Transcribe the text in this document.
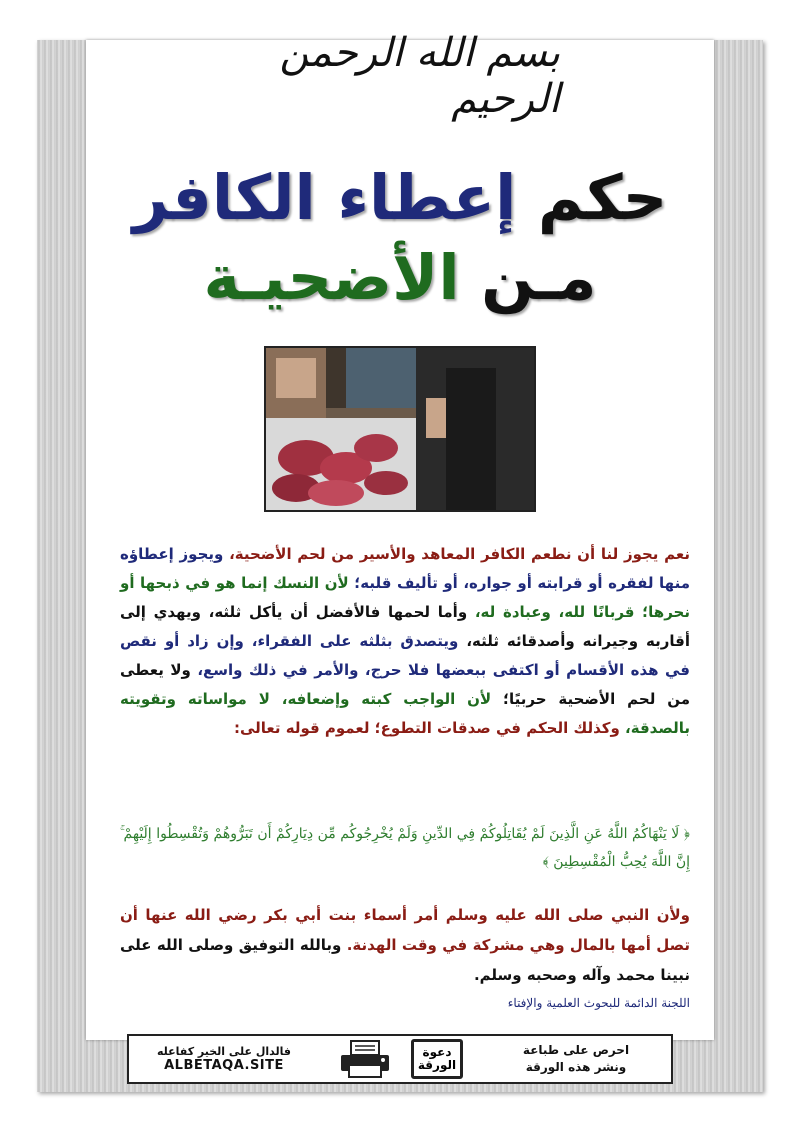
بسم الله الرحمن الرحيم
حكم إعطاء الكافر
مـن الأضحيـة
نعم يجوز لنا أن نطعم الكافر المعاهد والأسير من لحم الأضحية، ويجوز إعطاؤه منها لفقره أو قرابته أو جواره، أو تأليف قلبه؛ لأن النسك إنما هو في ذبحها أو نحرها؛ قربانًا لله، وعبادة له، وأما لحمها فالأفضل أن يأكل ثلثه، ويهدي إلى أقاربه وجيرانه وأصدقائه ثلثه، ويتصدق بثلثه على الفقراء، وإن زاد أو نقص في هذه الأقسام أو اكتفى ببعضها فلا حرج، والأمر في ذلك واسع، ولا يعطى من لحم الأضحية حربيًا؛ لأن الواجب كبته وإضعافه، لا مواساته وتقويته بالصدقة، وكذلك الحكم في صدقات التطوع؛ لعموم قوله تعالى:
﴿ لَا يَنْهَاكُمُ اللَّهُ عَنِ الَّذِينَ لَمْ يُقَاتِلُوكُمْ فِي الدِّينِ وَلَمْ يُخْرِجُوكُم مِّن دِيَارِكُمْ أَن تَبَرُّوهُمْ وَتُقْسِطُوا إِلَيْهِمْ ۚ إِنَّ اللَّهَ يُحِبُّ الْمُقْسِطِينَ ﴾
ولأن النبي صلى الله عليه وسلم أمر أسماء بنت أبي بكر رضي الله عنها أن تصل أمها بالمال وهي مشركة في وقت الهدنة. وبالله التوفيق وصلى الله على نبينا محمد وآله وصحبه وسلم.
اللجنة الدائمة للبحوث العلمية والإفتاء
فالدال على الخير كفاعله
ALBETAQA.SITE
دعوة الورقة
احرص على طباعة
ونشر هذه الورقة
